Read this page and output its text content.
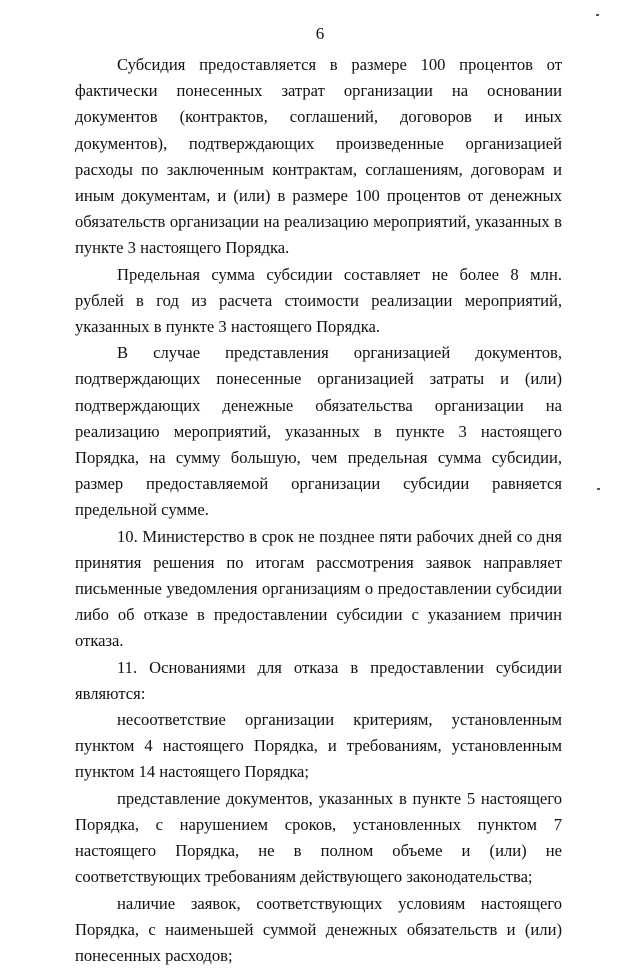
6

Субсидия предоставляется в размере 100 процентов от фактически понесенных затрат организации на основании документов (контрактов, соглашений, договоров и иных документов), подтверждающих произведенные организацией расходы по заключенным контрактам, соглашениям, договорам и иным документам, и (или) в размере 100 процентов от денежных обязательств организации на реализацию мероприятий, указанных в пункте 3 настоящего Порядка.

Предельная сумма субсидии составляет не более 8 млн. рублей в год из расчета стоимости реализации мероприятий, указанных в пункте 3 настоящего Порядка.

В случае представления организацией документов, подтверждающих понесенные организацией затраты и (или) подтверждающих денежные обязательства организации на реализацию мероприятий, указанных в пункте 3 настоящего Порядка, на сумму большую, чем предельная сумма субсидии, размер предоставляемой организации субсидии равняется предельной сумме.

10. Министерство в срок не позднее пяти рабочих дней со дня принятия решения по итогам рассмотрения заявок направляет письменные уведомления организациям о предоставлении субсидии либо об отказе в предоставлении субсидии с указанием причин отказа.

11. Основаниями для отказа в предоставлении субсидии являются:

несоответствие организации критериям, установленным пунктом 4 настоящего Порядка, и требованиям, установленным пунктом 14 настоящего Порядка;

представление документов, указанных в пункте 5 настоящего Порядка, с нарушением сроков, установленных пунктом 7 настоящего Порядка, не в полном объеме и (или) не соответствующих требованиям действующего законодательства;

наличие заявок, соответствующих условиям настоящего Порядка, с наименьшей суммой денежных обязательств и (или) понесенных расходов;
